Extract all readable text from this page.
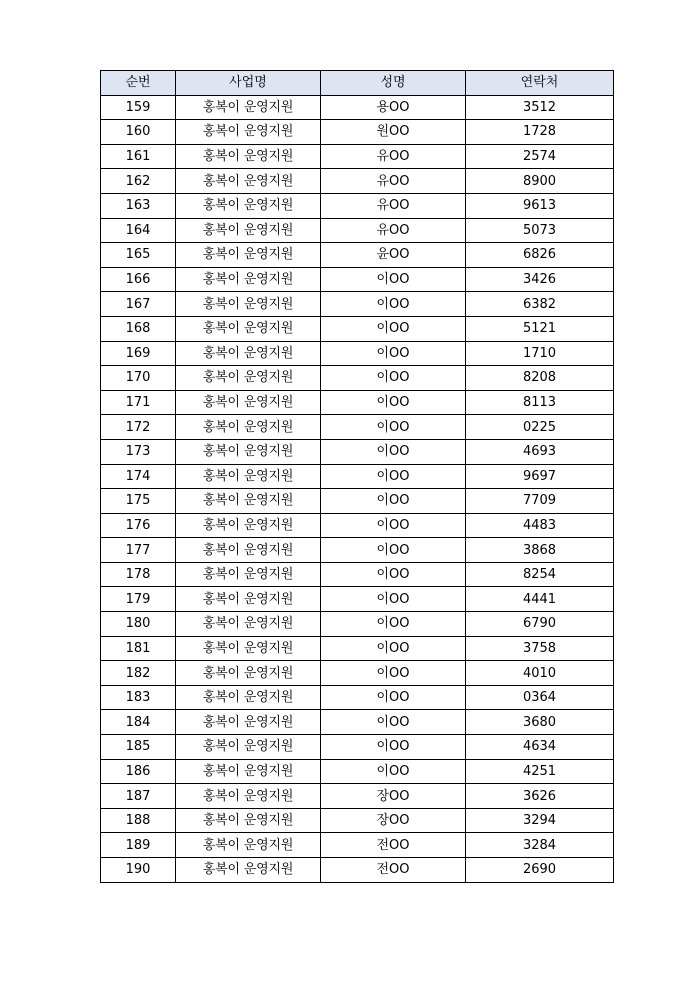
순번	사업명	성명	연락처
159	홍복이 운영지원	용OO	3512
160	홍복이 운영지원	원OO	1728
161	홍복이 운영지원	유OO	2574
162	홍복이 운영지원	유OO	8900
163	홍복이 운영지원	유OO	9613
164	홍복이 운영지원	유OO	5073
165	홍복이 운영지원	윤OO	6826
166	홍복이 운영지원	이OO	3426
167	홍복이 운영지원	이OO	6382
168	홍복이 운영지원	이OO	5121
169	홍복이 운영지원	이OO	1710
170	홍복이 운영지원	이OO	8208
171	홍복이 운영지원	이OO	8113
172	홍복이 운영지원	이OO	0225
173	홍복이 운영지원	이OO	4693
174	홍복이 운영지원	이OO	9697
175	홍복이 운영지원	이OO	7709
176	홍복이 운영지원	이OO	4483
177	홍복이 운영지원	이OO	3868
178	홍복이 운영지원	이OO	8254
179	홍복이 운영지원	이OO	4441
180	홍복이 운영지원	이OO	6790
181	홍복이 운영지원	이OO	3758
182	홍복이 운영지원	이OO	4010
183	홍복이 운영지원	이OO	0364
184	홍복이 운영지원	이OO	3680
185	홍복이 운영지원	이OO	4634
186	홍복이 운영지원	이OO	4251
187	홍복이 운영지원	장OO	3626
188	홍복이 운영지원	장OO	3294
189	홍복이 운영지원	전OO	3284
190	홍복이 운영지원	전OO	2690
